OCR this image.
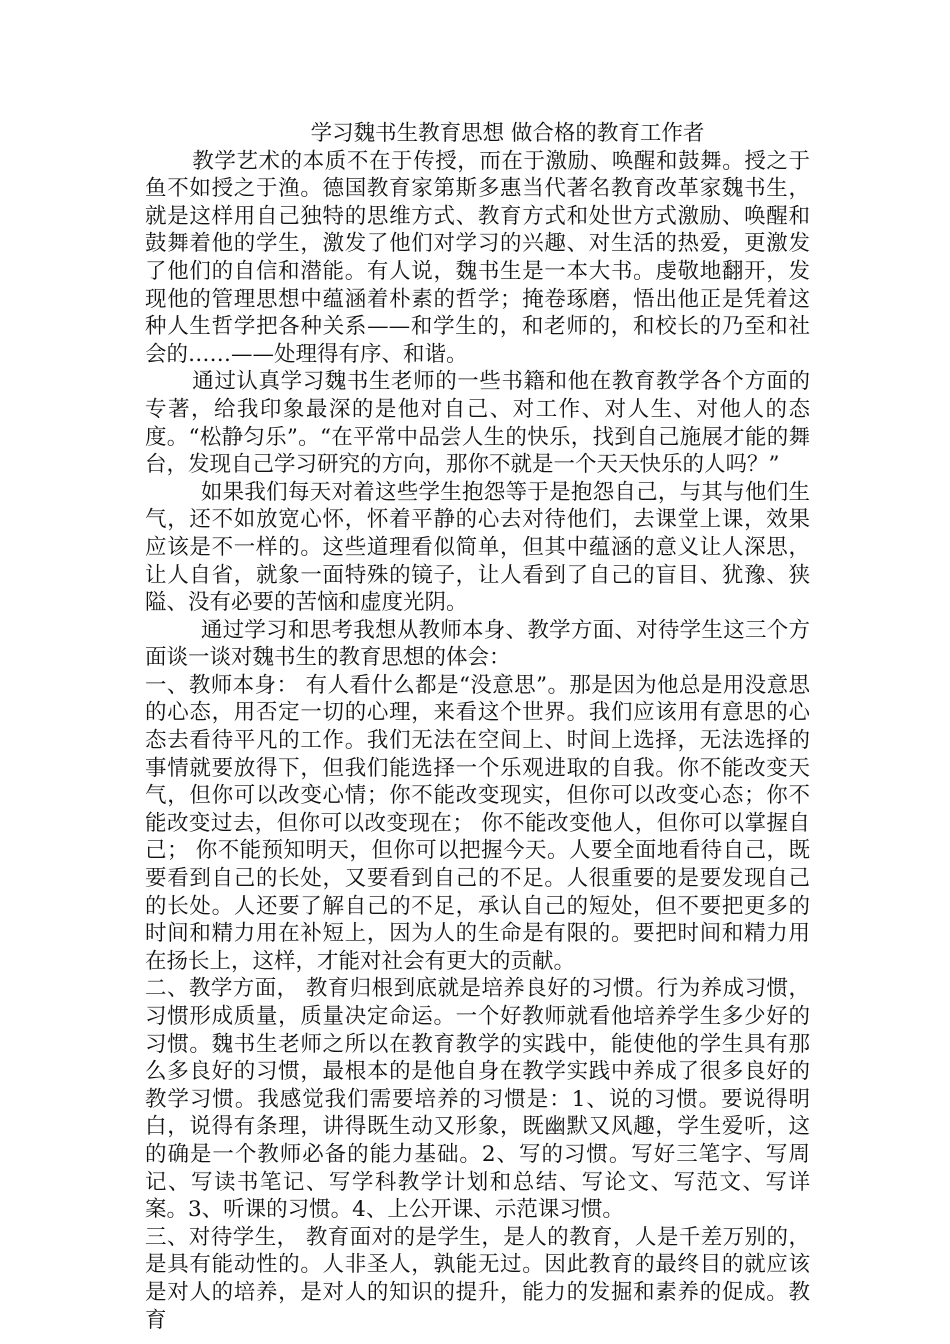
学习魏书生教育思想 做合格的教育工作者

教学艺术的本质不在于传授，而在于激励、唤醒和鼓舞。授之于鱼不如授之于渔。德国教育家第斯多惠当代著名教育改革家魏书生，就是这样用自己独特的思维方式、教育方式和处世方式激励、唤醒和鼓舞着他的学生，激发了他们对学习的兴趣、对生活的热爱，更激发了他们的自信和潜能。有人说，魏书生是一本大书。虔敬地翻开，发现他的管理思想中蕴涵着朴素的哲学；掩卷琢磨，悟出他正是凭着这种人生哲学把各种关系——和学生的，和老师的，和校长的乃至和社会的……——处理得有序、和谐。

通过认真学习魏书生老师的一些书籍和他在教育教学各个方面的专著，给我印象最深的是他对自己、对工作、对人生、对他人的态度。“松静匀乐”。“在平常中品尝人生的快乐，找到自己施展才能的舞台，发现自己学习研究的方向，那你不就是一个天天快乐的人吗？”

如果我们每天对着这些学生抱怨等于是抱怨自己，与其与他们生气，还不如放宽心怀，怀着平静的心去对待他们，去课堂上课，效果应该是不一样的。这些道理看似简单，但其中蕴涵的意义让人深思，让人自省，就象一面特殊的镜子，让人看到了自己的盲目、犹豫、狭隘、没有必要的苦恼和虚度光阴。

通过学习和思考我想从教师本身、教学方面、对待学生这三个方面谈一谈对魏书生的教育思想的体会：

一、教师本身： 有人看什么都是“没意思”。那是因为他总是用没意思的心态，用否定一切的心理，来看这个世界。我们应该用有意思的心态去看待平凡的工作。我们无法在空间上、时间上选择，无法选择的事情就要放得下，但我们能选择一个乐观进取的自我。你不能改变天气，但你可以改变心情；你不能改变现实，但你可以改变心态；你不能改变过去，但你可以改变现在； 你不能改变他人，但你可以掌握自己； 你不能预知明天，但你可以把握今天。人要全面地看待自己，既要看到自己的长处，又要看到自己的不足。人很重要的是要发现自己的长处。人还要了解自己的不足，承认自己的短处，但不要把更多的时间和精力用在补短上，因为人的生命是有限的。要把时间和精力用在扬长上，这样，才能对社会有更大的贡献。

二、教学方面， 教育归根到底就是培养良好的习惯。行为养成习惯，习惯形成质量，质量决定命运。一个好教师就看他培养学生多少好的习惯。魏书生老师之所以在教育教学的实践中，能使他的学生具有那么多良好的习惯，最根本的是他自身在教学实践中养成了很多良好的教学习惯。我感觉我们需要培养的习惯是：1、说的习惯。要说得明白，说得有条理，讲得既生动又形象，既幽默又风趣，学生爱听，这的确是一个教师必备的能力基础。2、写的习惯。写好三笔字、写周记、写读书笔记、写学科教学计划和总结、写论文、写范文、写详案。3、听课的习惯。4、上公开课、示范课习惯。

三、对待学生， 教育面对的是学生，是人的教育，人是千差万别的，是具有能动性的。人非圣人，孰能无过。因此教育的最终目的就应该是对人的培养，是对人的知识的提升，能力的发掘和素养的促成。教育
